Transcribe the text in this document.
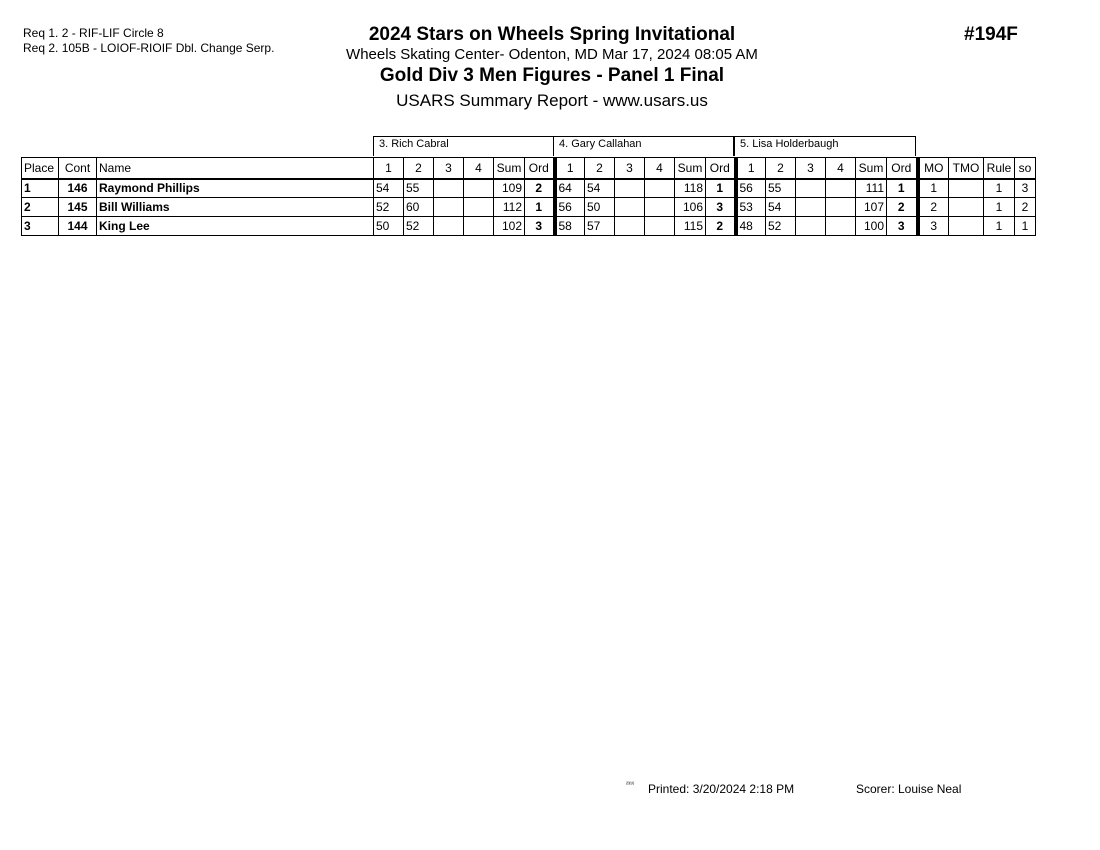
Req 1. 2 - RIF-LIF Circle 8
Req 2. 105B - LOIOF-RIOIF Dbl. Change Serp.
2024 Stars on Wheels Spring Invitational
Wheels Skating Center- Odenton, MD Mar 17, 2024 08:05 AM
Gold Div 3 Men Figures - Panel 1 Final
USARS Summary Report - www.usars.us
#194F
3. Rich Cabral	4. Gary Callahan	5. Lisa Holderbaugh
Place	Cont	Name	1	2	3	4	Sum	Ord	1	2	3	4	Sum	Ord	1	2	3	4	Sum	Ord	MO	TMO	Rule	so
1	146	Raymond Phillips	54	55			109	2	64	54			118	1	56	55			111	1	1		1	3
2	145	Bill Williams	52	60			112	1	56	50			106	3	53	54			107	2	2		1	2
3	144	King Lee	50	52			102	3	58	57			115	2	48	52			100	3	3		1	1
²³¹⁶ Printed: 3/20/2024 2:18 PM	Scorer: Louise Neal
